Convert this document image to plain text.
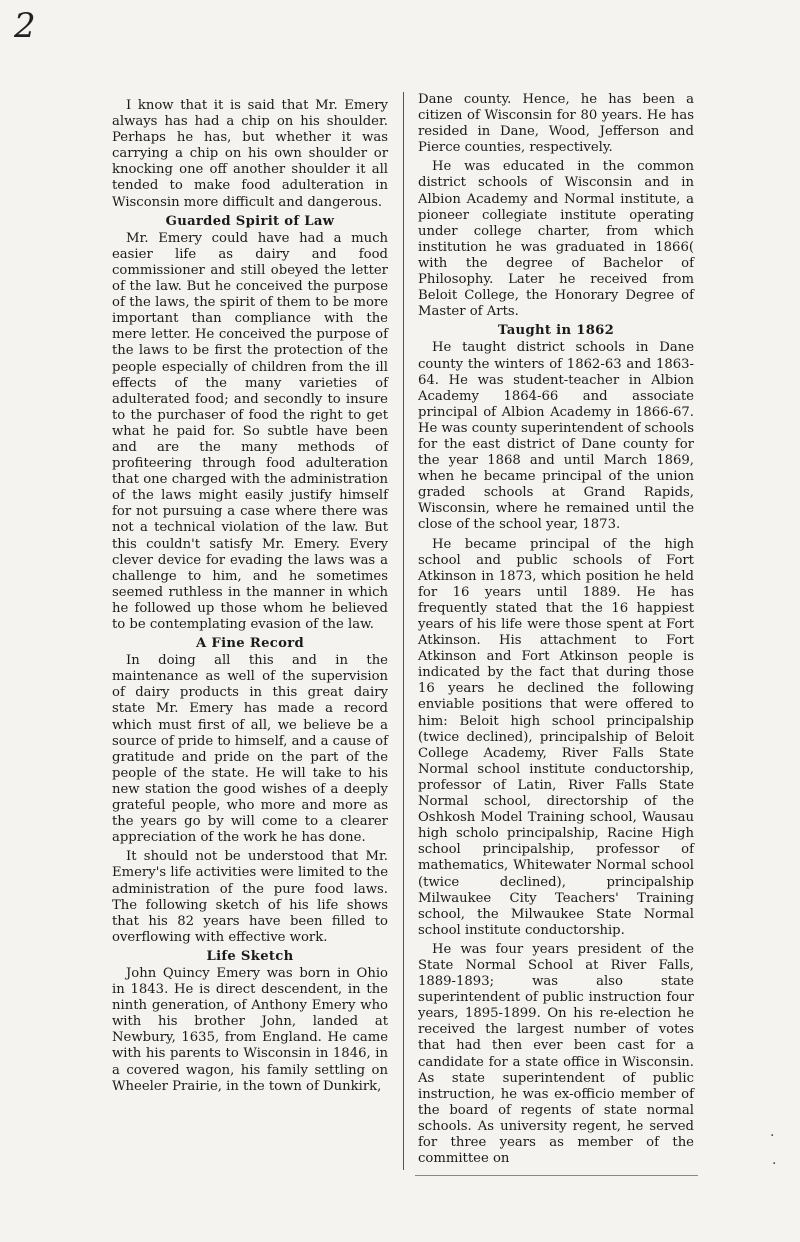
2

I know that it is said that Mr. Emery always has had a chip on his shoulder. Perhaps he has, but whether it was carrying a chip on his own shoulder or knocking one off another shoulder it all tended to make food adulteration in Wisconsin more difficult and dangerous.

Guarded Spirit of Law

Mr. Emery could have had a much easier life as dairy and food commissioner and still obeyed the letter of the law. But he conceived the purpose of the laws, the spirit of them to be more important than compliance with the mere letter. He conceived the purpose of the laws to be first the protection of the people especially of children from the ill effects of the many varieties of adulterated food; and secondly to insure to the purchaser of food the right to get what he paid for. So subtle have been and are the many methods of profiteering through food adulteration that one charged with the administration of the laws might easily justify himself for not pursuing a case where there was not a technical violation of the law. But this couldn't satisfy Mr. Emery. Every clever device for evading the laws was a challenge to him, and he sometimes seemed ruthless in the manner in which he followed up those whom he believed to be contemplating evasion of the law.

A Fine Record

In doing all this and in the maintenance as well of the supervision of dairy products in this great dairy state Mr. Emery has made a record which must first of all, we believe be a source of pride to himself, and a cause of gratitude and pride on the part of the people of the state. He will take to his new station the good wishes of a deeply grateful people, who more and more as the years go by will come to a clearer appreciation of the work he has done.

It should not be understood that Mr. Emery's life activities were limited to the administration of the pure food laws. The following sketch of his life shows that his 82 years have been filled to overflowing with effective work.

Life Sketch

John Quincy Emery was born in Ohio in 1843. He is direct descendent, in the ninth generation, of Anthony Emery who with his brother John, landed at Newbury, 1635, from England. He came with his parents to Wisconsin in 1846, in a covered wagon, his family settling on Wheeler Prairie, in the town of Dunkirk,

Dane county. Hence, he has been a citizen of Wisconsin for 80 years. He has resided in Dane, Wood, Jefferson and Pierce counties, respectively.

He was educated in the common district schools of Wisconsin and in Albion Academy and Normal institute, a pioneer collegiate institute operating under college charter, from which institution he was graduated in 1866( with the degree of Bachelor of Philosophy. Later he received from Beloit College, the Honorary Degree of Master of Arts.

Taught in 1862

He taught district schools in Dane county the winters of 1862-63 and 1863-64. He was student-teacher in Albion Academy 1864-66 and associate principal of Albion Academy in 1866-67. He was county superintendent of schools for the east district of Dane county for the year 1868 and until March 1869, when he became principal of the union graded schools at Grand Rapids, Wisconsin, where he remained until the close of the school year, 1873.

He became principal of the high school and public schools of Fort Atkinson in 1873, which position he held for 16 years until 1889. He has frequently stated that the 16 happiest years of his life were those spent at Fort Atkinson. His attachment to Fort Atkinson and Fort Atkinson people is indicated by the fact that during those 16 years he declined the following enviable positions that were offered to him: Beloit high school principalship (twice declined), principalship of Beloit College Academy, River Falls State Normal school institute conductorship, professor of Latin, River Falls State Normal school, directorship of the Oshkosh Model Training school, Wausau high scholo principalship, Racine High school principalship, professor of mathematics, Whitewater Normal school (twice declined), principalship Milwaukee City Teachers' Training school, the Milwaukee State Normal school institute conductorship.

He was four years president of the State Normal School at River Falls, 1889-1893; was also state superintendent of public instruction four years, 1895-1899. On his re-election he received the largest number of votes that had then ever been cast for a candidate for a state office in Wisconsin. As state superintendent of public instruction, he was ex-officio member of the board of regents of state normal schools. As university regent, he served for three years as member of the committee on

·
·
